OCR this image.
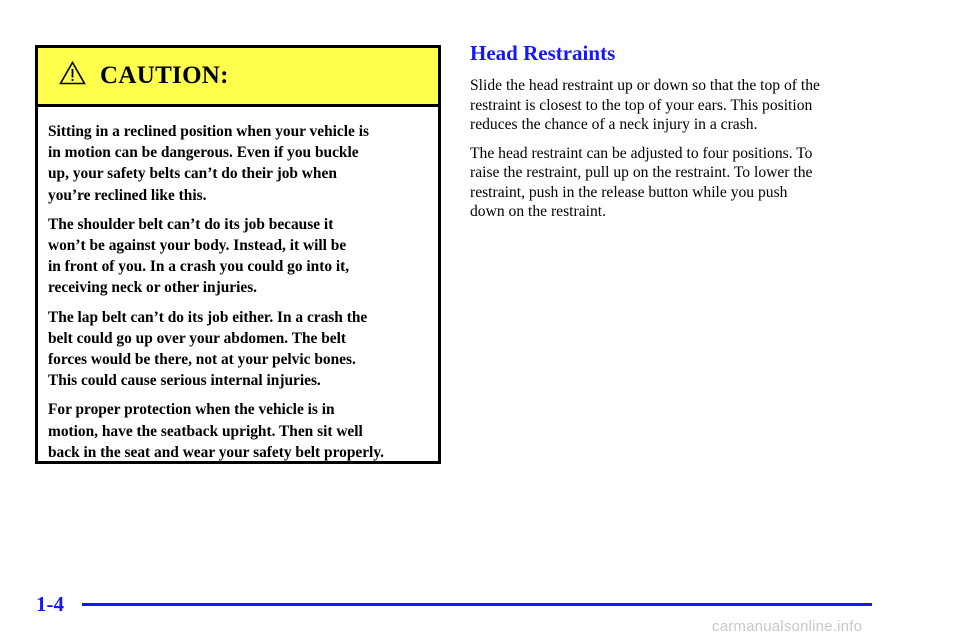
CAUTION:

Sitting in a reclined position when your vehicle is
in motion can be dangerous. Even if you buckle
up, your safety belts can’t do their job when
you’re reclined like this.

The shoulder belt can’t do its job because it
won’t be against your body. Instead, it will be
in front of you. In a crash you could go into it,
receiving neck or other injuries.

The lap belt can’t do its job either. In a crash the
belt could go up over your abdomen. The belt
forces would be there, not at your pelvic bones.
This could cause serious internal injuries.

For proper protection when the vehicle is in
motion, have the seatback upright. Then sit well
back in the seat and wear your safety belt properly.

Head Restraints

Slide the head restraint up or down so that the top of the
restraint is closest to the top of your ears. This position
reduces the chance of a neck injury in a crash.

The head restraint can be adjusted to four positions. To
raise the restraint, pull up on the restraint. To lower the
restraint, push in the release button while you push
down on the restraint.

1-4
carmanualsonline.info
